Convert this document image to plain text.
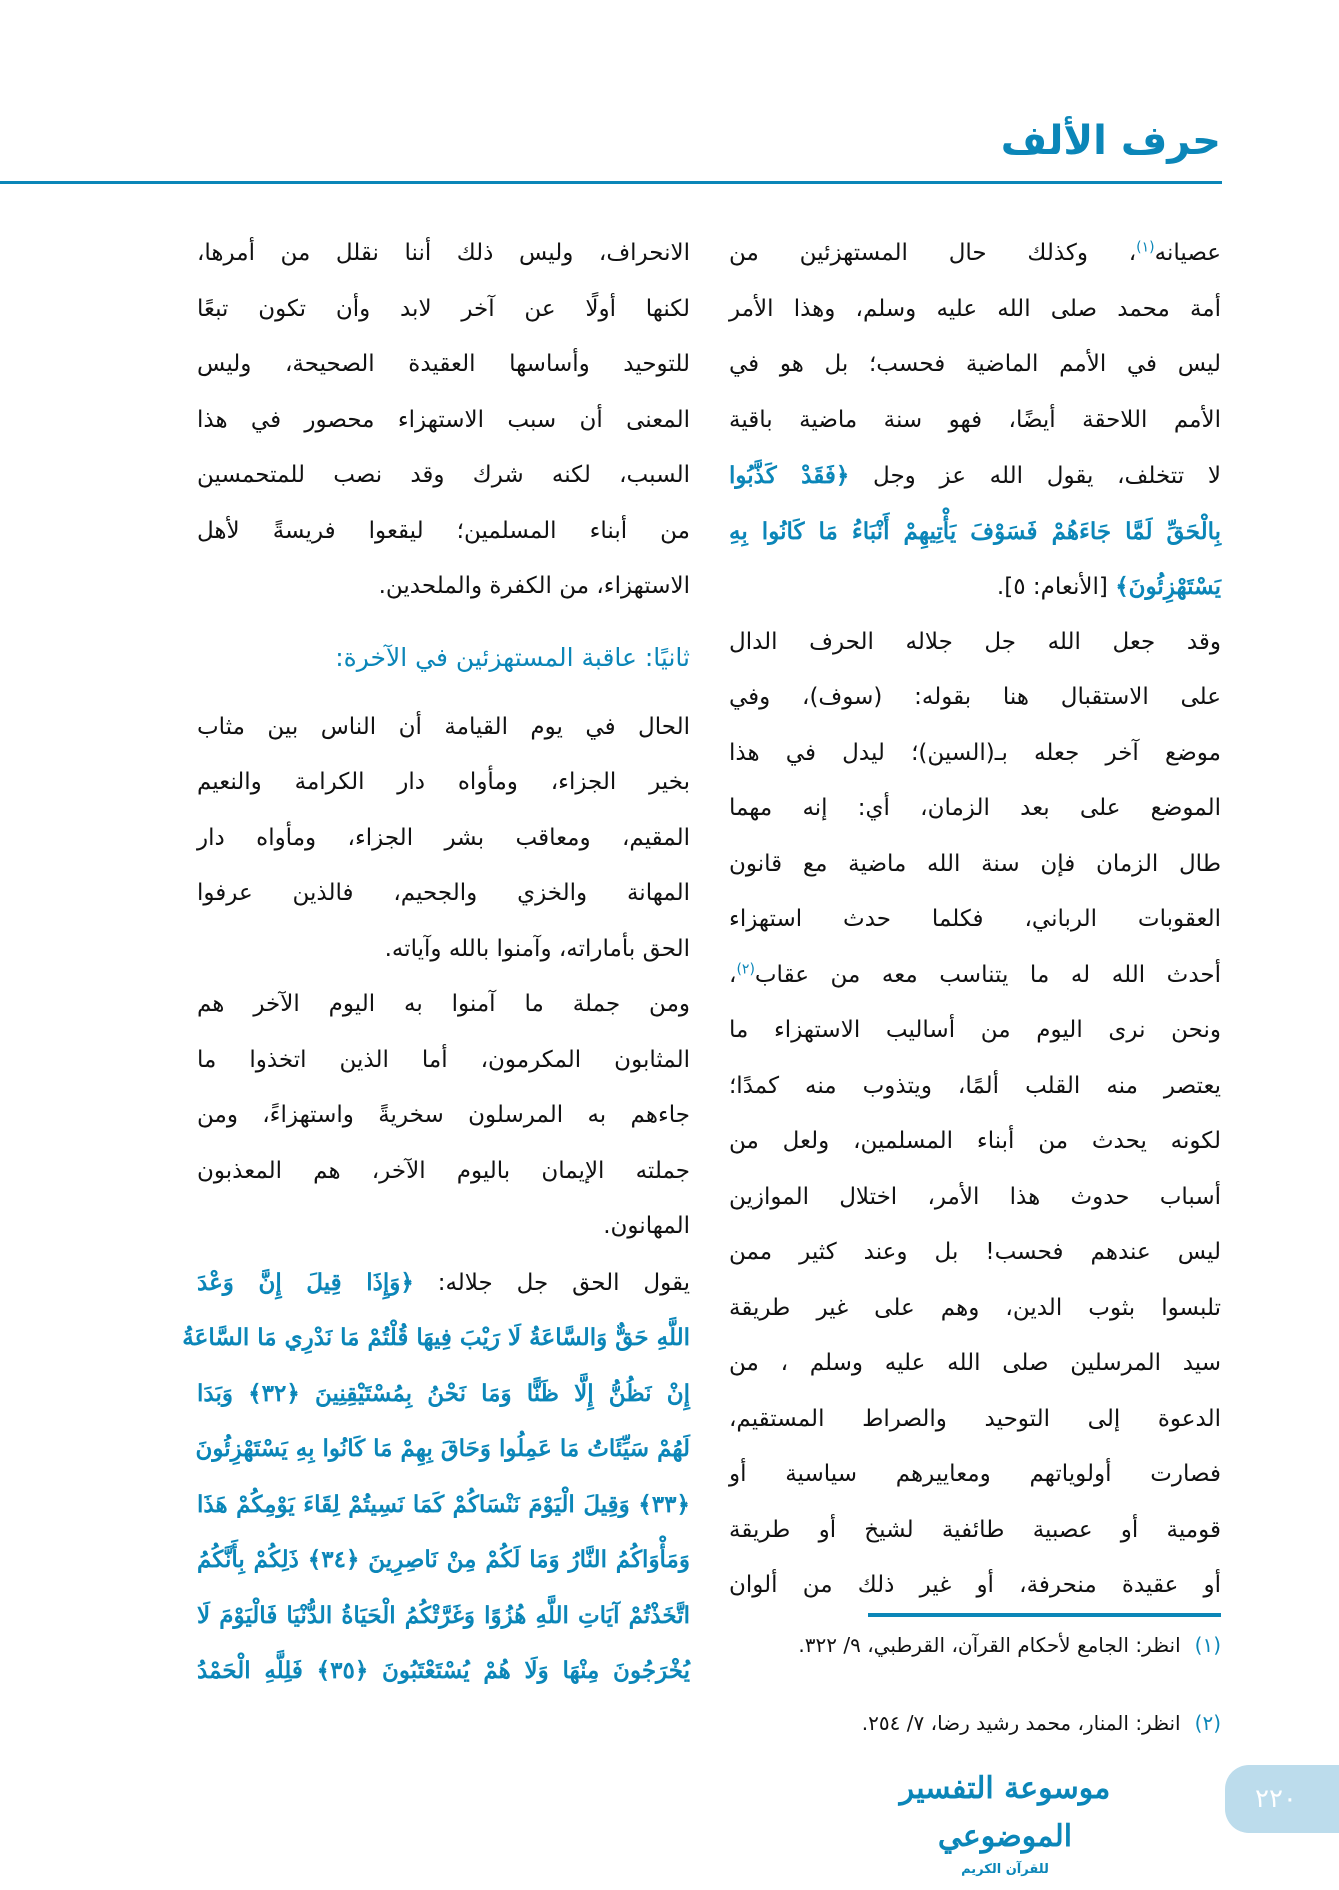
حرف الألف
عصيانه$^{(١)}$، وكذلك حال المستهزئين من
أمة محمد صلى الله عليه وسلم، وهذا الأمر
ليس في الأمم الماضية فحسب؛ بل هو في
الأمم اللاحقة أيضًا، فهو سنة ماضية باقية
لا تتخلف، يقول الله عز وجل ﴿فَقَدْ كَذَّبُوا
بِالْحَقِّ لَمَّا جَاءَهُمْ فَسَوْفَ يَأْتِيهِمْ أَنْبَاءُ مَا كَانُوا بِهِ
يَسْتَهْزِئُونَ﴾ [الأنعام: ٥].
وقد جعل الله جل جلاله الحرف الدال
على الاستقبال هنا بقوله: (سوف)، وفي
موضع آخر جعله بـ(السين)؛ ليدل في هذا
الموضع على بعد الزمان، أي: إنه مهما
طال الزمان فإن سنة الله ماضية مع قانون
العقوبات الرباني، فكلما حدث استهزاء
أحدث الله له ما يتناسب معه من عقاب$^{(٢)}$،
ونحن نرى اليوم من أساليب الاستهزاء ما
يعتصر منه القلب ألمًا، ويتذوب منه كمدًا؛
لكونه يحدث من أبناء المسلمين، ولعل من
أسباب حدوث هذا الأمر، اختلال الموازين
ليس عندهم فحسب! بل وعند كثير ممن
تلبسوا بثوب الدين، وهم على غير طريقة
سيد المرسلين صلى الله عليه وسلم ، من
الدعوة إلى التوحيد والصراط المستقيم،
فصارت أولوياتهم ومعاييرهم سياسية أو
قومية أو عصبية طائفية لشيخ أو طريقة
أو عقيدة منحرفة، أو غير ذلك من ألوان
الانحراف، وليس ذلك أننا نقلل من أمرها،
لكنها أولًا عن آخر لابد وأن تكون تبعًا
للتوحيد وأساسها العقيدة الصحيحة، وليس
المعنى أن سبب الاستهزاء محصور في هذا
السبب، لكنه شرك وقد نصب للمتحمسين
من أبناء المسلمين؛ ليقعوا فريسةً لأهل
الاستهزاء، من الكفرة والملحدين.
ثانيًا: عاقبة المستهزئين في الآخرة:
الحال في يوم القيامة أن الناس بين مثاب
بخير الجزاء، ومأواه دار الكرامة والنعيم
المقيم، ومعاقب بشر الجزاء، ومأواه دار
المهانة والخزي والجحيم، فالذين عرفوا
الحق بأماراته، وآمنوا بالله وآياته.
ومن جملة ما آمنوا به اليوم الآخر هم
المثابون المكرمون، أما الذين اتخذوا ما
جاءهم به المرسلون سخريةً واستهزاءً، ومن
جملته الإيمان باليوم الآخر، هم المعذبون
المهانون.
يقول الحق جل جلاله: ﴿وَإِذَا قِيلَ إِنَّ وَعْدَ
اللَّهِ حَقٌّ وَالسَّاعَةُ لَا رَيْبَ فِيهَا قُلْتُمْ مَا نَدْرِي مَا السَّاعَةُ
إِنْ نَظُنُّ إِلَّا ظَنًّا وَمَا نَحْنُ بِمُسْتَيْقِنِينَ ﴿٣٢﴾ وَبَدَا
لَهُمْ سَيِّئَاتُ مَا عَمِلُوا وَحَاقَ بِهِمْ مَا كَانُوا بِهِ يَسْتَهْزِئُونَ
﴿٣٣﴾ وَقِيلَ الْيَوْمَ نَنْسَاكُمْ كَمَا نَسِيتُمْ لِقَاءَ يَوْمِكُمْ هَذَا
وَمَأْوَاكُمُ النَّارُ وَمَا لَكُمْ مِنْ نَاصِرِينَ ﴿٣٤﴾ ذَلِكُمْ بِأَنَّكُمُ
اتَّخَذْتُمْ آيَاتِ اللَّهِ هُزُوًا وَغَرَّتْكُمُ الْحَيَاةُ الدُّنْيَا فَالْيَوْمَ لَا
يُخْرَجُونَ مِنْهَا وَلَا هُمْ يُسْتَعْتَبُونَ ﴿٣٥﴾ فَلِلَّهِ الْحَمْدُ
(١)انظر: الجامع لأحكام القرآن، القرطبي، ٩/ ٣٢٢.
(٢)انظر: المنار، محمد رشيد رضا، ٧/ ٢٥٤.
موسوعة التفسير الموضوعي
للقرآن الكريم
٢٢٠
